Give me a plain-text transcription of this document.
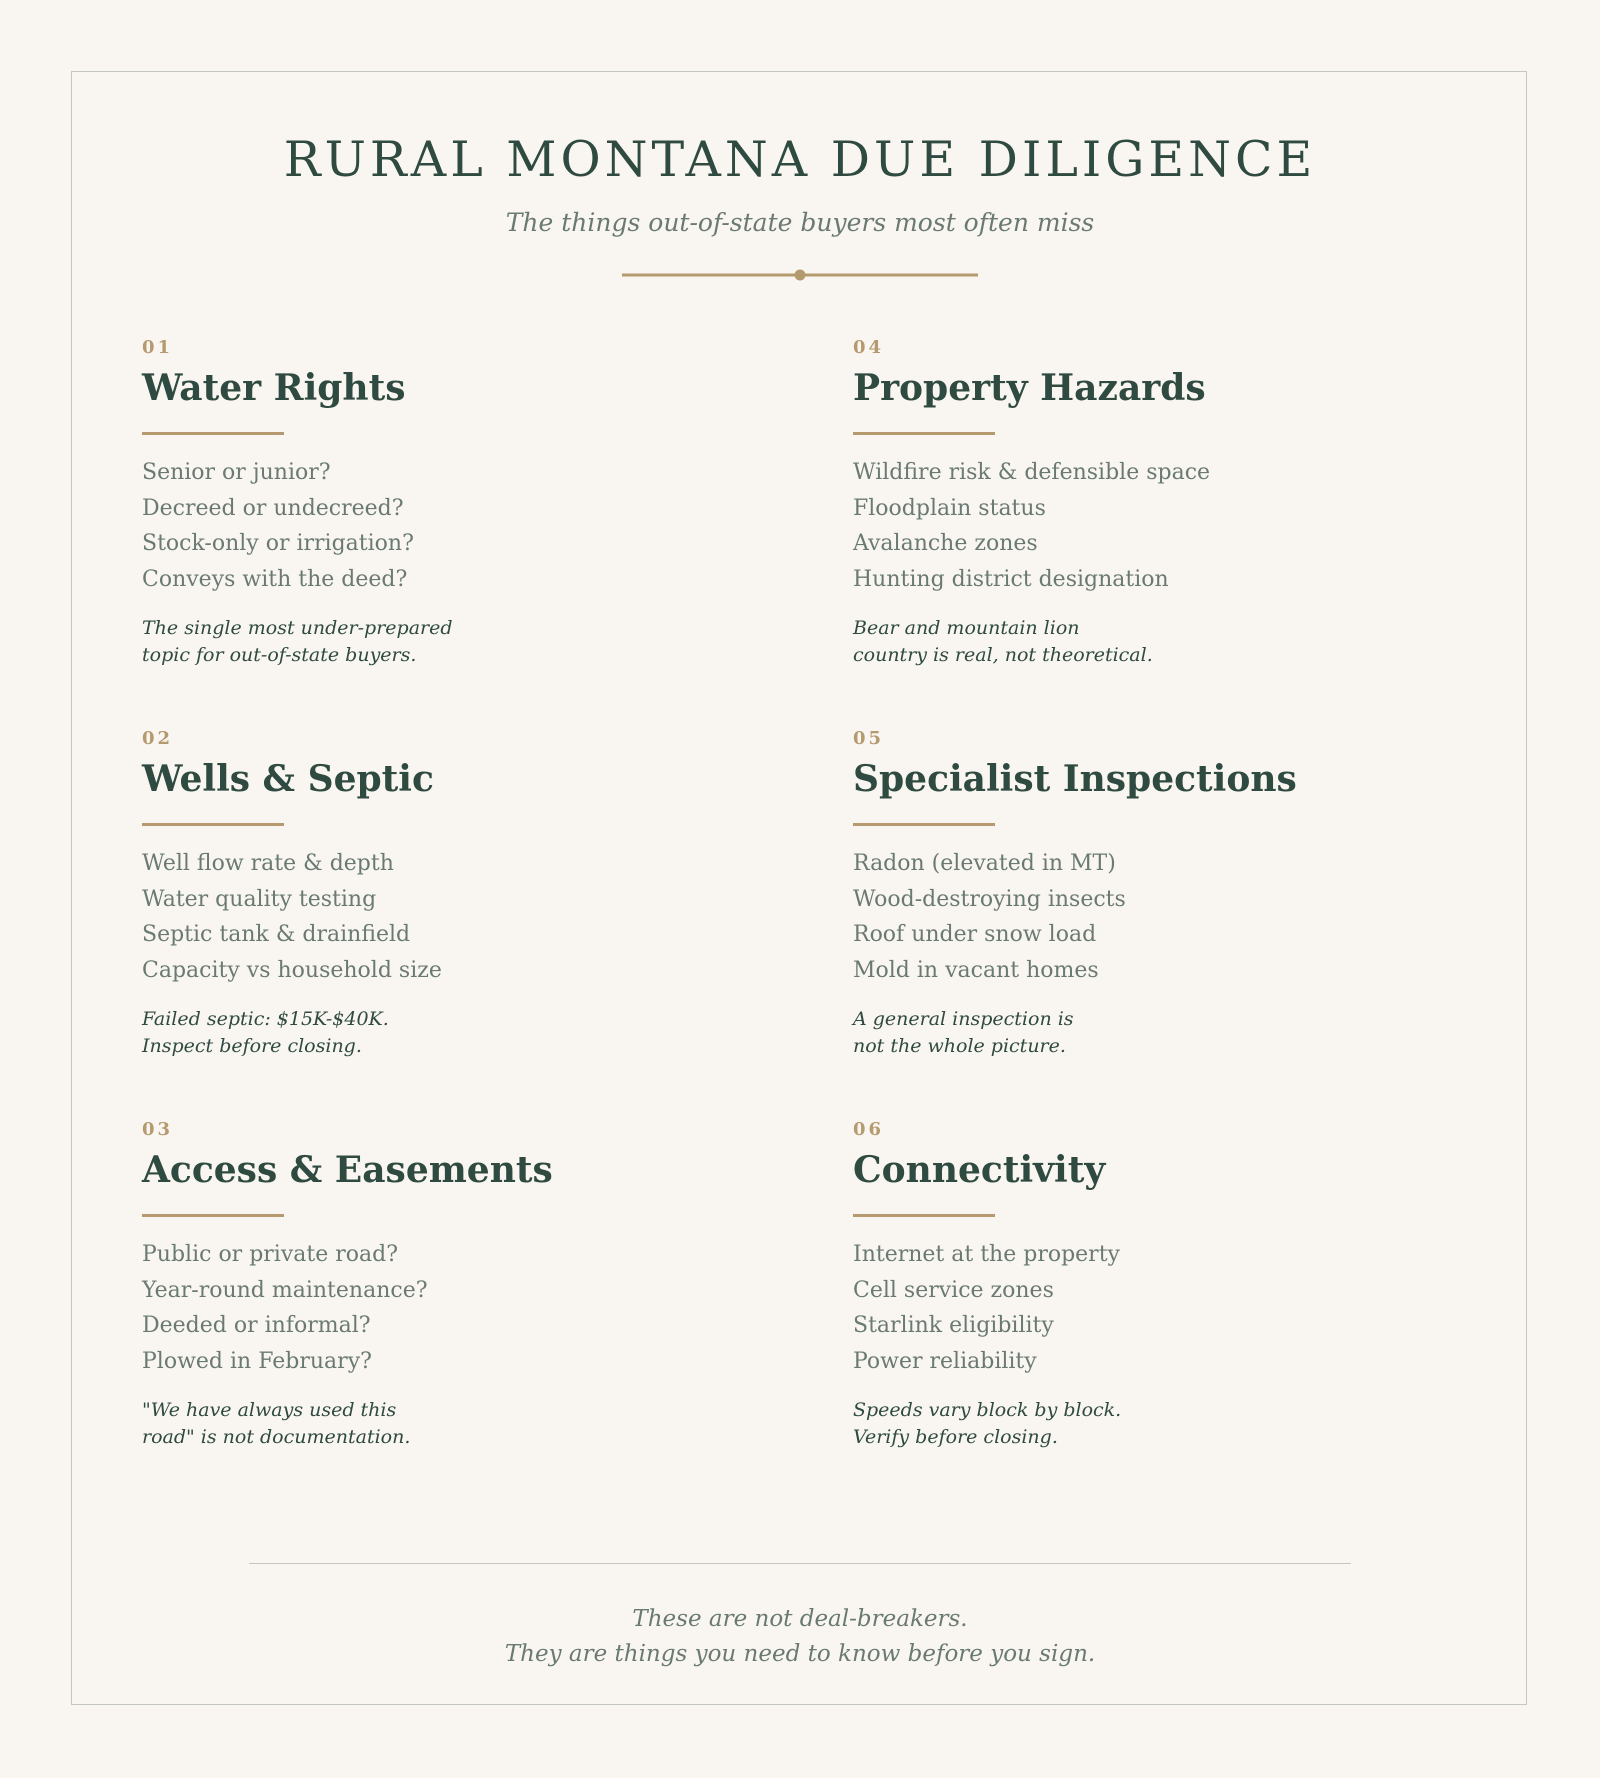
RURAL MONTANA DUE DILIGENCE
The things out-of-state buyers most often miss
01
Water Rights
Senior or junior?
Decreed or undecreed?
Stock-only or irrigation?
Conveys with the deed?
The single most under-prepared
topic for out-of-state buyers.
02
Wells & Septic
Well flow rate & depth
Water quality testing
Septic tank & drainfield
Capacity vs household size
Failed septic: $15K-$40K.
Inspect before closing.
03
Access & Easements
Public or private road?
Year-round maintenance?
Deeded or informal?
Plowed in February?
"We have always used this
road" is not documentation.
04
Property Hazards
Wildfire risk & defensible space
Floodplain status
Avalanche zones
Hunting district designation
Bear and mountain lion
country is real, not theoretical.
05
Specialist Inspections
Radon (elevated in MT)
Wood-destroying insects
Roof under snow load
Mold in vacant homes
A general inspection is
not the whole picture.
06
Connectivity
Internet at the property
Cell service zones
Starlink eligibility
Power reliability
Speeds vary block by block.
Verify before closing.
These are not deal-breakers.
They are things you need to know before you sign.
